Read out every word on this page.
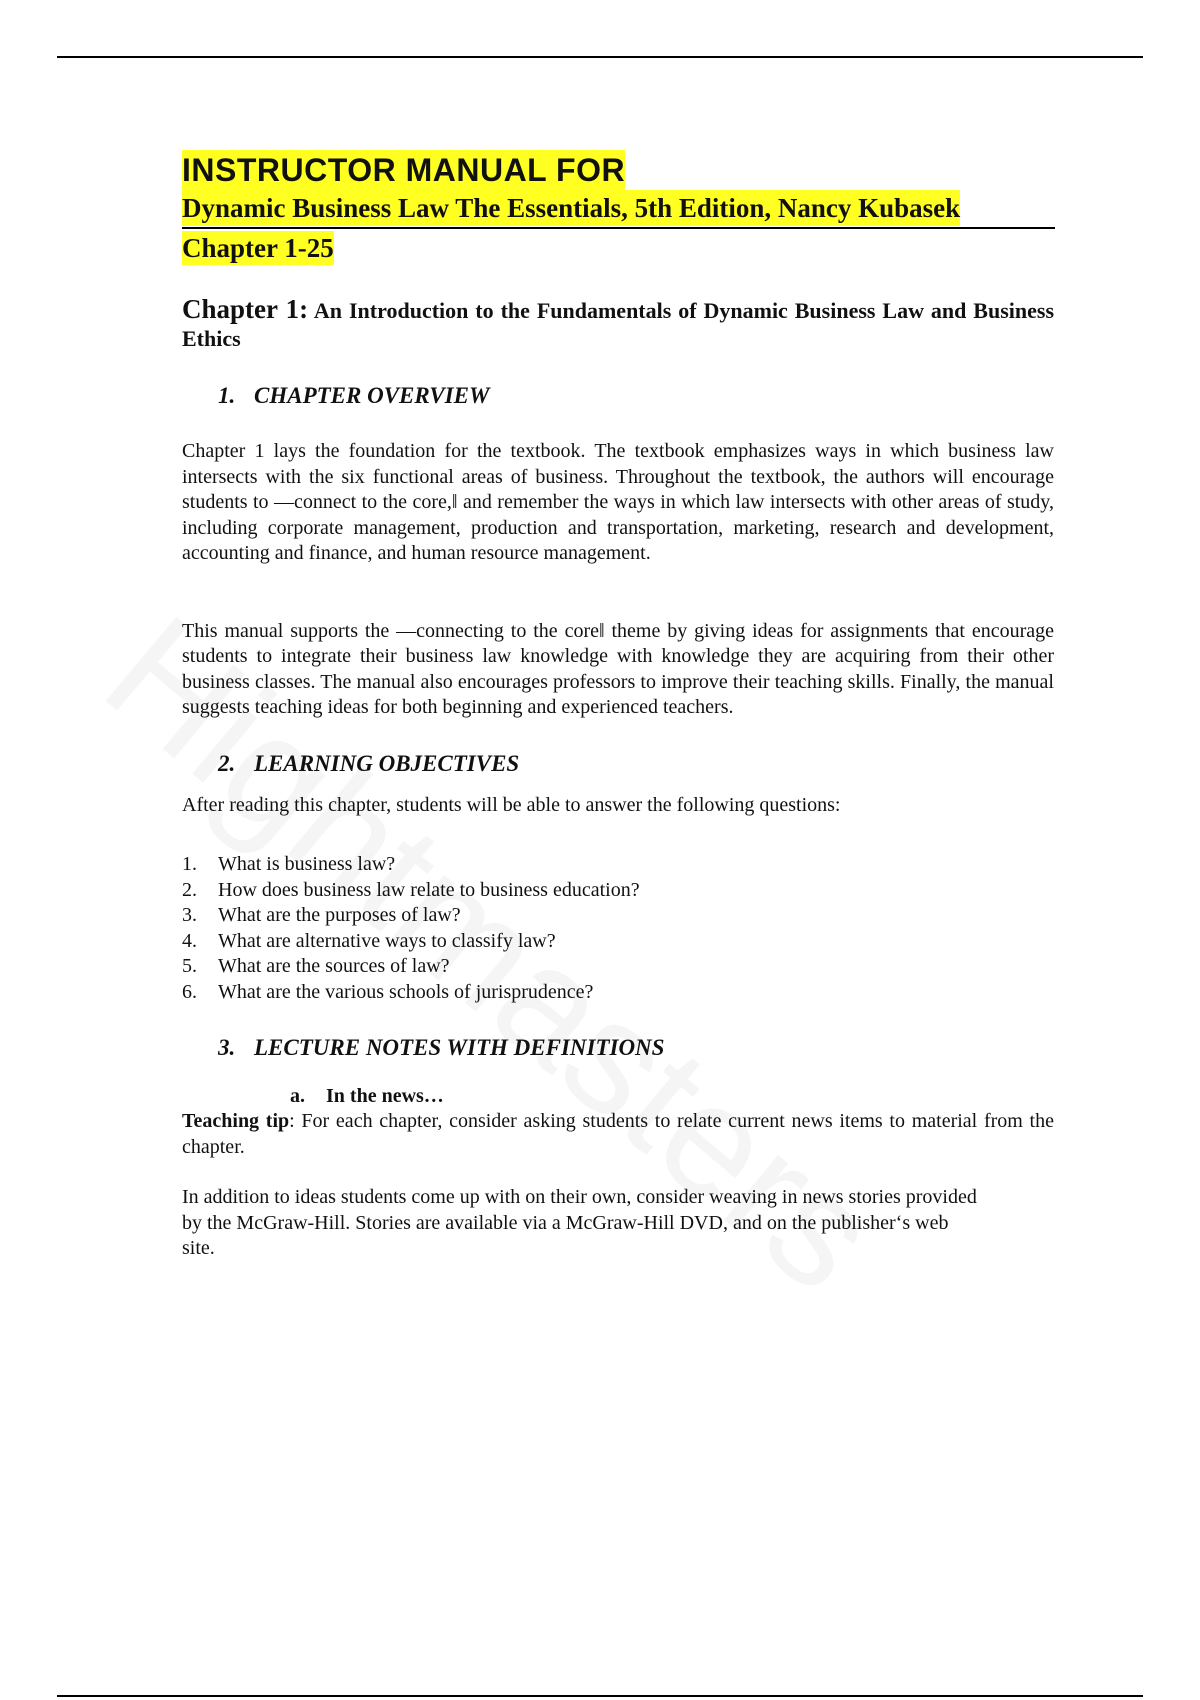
INSTRUCTOR MANUAL FOR
Dynamic Business Law The Essentials, 5th Edition, Nancy Kubasek
Chapter 1-25
Chapter 1: An Introduction to the Fundamentals of Dynamic Business Law and Business Ethics
1. CHAPTER OVERVIEW

Chapter 1 lays the foundation for the textbook. The textbook emphasizes ways in which business law intersects with the six functional areas of business. Throughout the textbook, the authors will encourage students to —connect to the core,‖ and remember the ways in which law intersects with other areas of study, including corporate management, production and transportation, marketing, research and development, accounting and finance, and human resource management.

This manual supports the —connecting to the core‖ theme by giving ideas for assignments that encourage students to integrate their business law knowledge with knowledge they are acquiring from their other business classes. The manual also encourages professors to improve their teaching skills. Finally, the manual suggests teaching ideas for both beginning and experienced teachers.

2. LEARNING OBJECTIVES

After reading this chapter, students will be able to answer the following questions:

1.	What is business law?
2.	How does business law relate to business education?
3.	What are the purposes of law?
4.	What are alternative ways to classify law?
5.	What are the sources of law?
6.	What are the various schools of jurisprudence?
3. LECTURE NOTES WITH DEFINITIONS
a. In the news…

Teaching tip: For each chapter, consider asking students to relate current news items to material from the chapter.

In addition to ideas students come up with on their own, consider weaving in news stories provided by the McGraw-Hill. Stories are available via a McGraw-Hill DVD, and on the publisher‘s web site.
